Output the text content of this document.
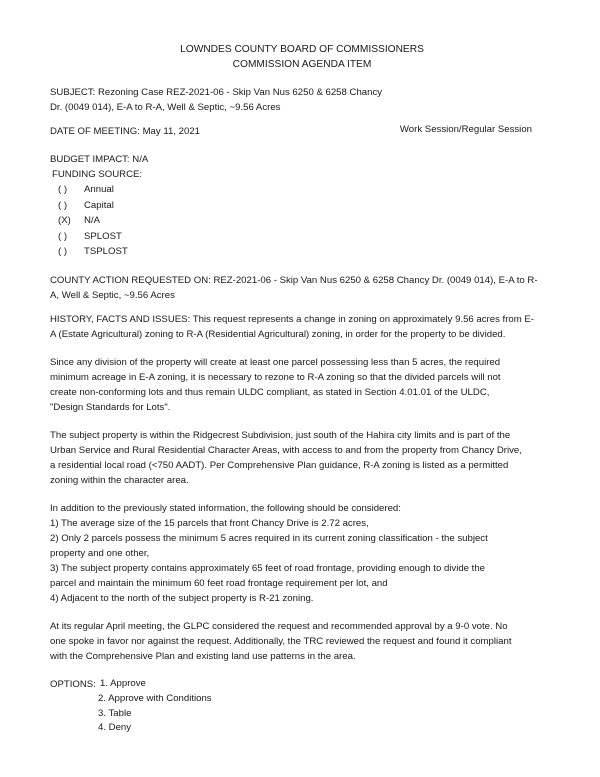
LOWNDES COUNTY BOARD OF COMMISSIONERS
COMMISSION AGENDA ITEM
SUBJECT: Rezoning Case REZ-2021-06 - Skip Van Nus 6250 & 6258 Chancy
Dr. (0049 014), E-A to R-A, Well & Septic, ~9.56 Acres
DATE OF MEETING: May 11, 2021	Work Session/Regular Session
BUDGET IMPACT: N/A
FUNDING SOURCE:
( )	Annual
( )	Capital
(X)	N/A
( )	SPLOST
( )	TSPLOST
COUNTY ACTION REQUESTED ON: REZ-2021-06 - Skip Van Nus 6250 & 6258 Chancy Dr. (0049 014), E-A to R-
A, Well & Septic, ~9.56 Acres

HISTORY, FACTS AND ISSUES: This request represents a change in zoning on approximately 9.56 acres from E-
A (Estate Agricultural) zoning to R-A (Residential Agricultural) zoning, in order for the property to be divided.

Since any division of the property will create at least one parcel possessing less than 5 acres, the required
minimum acreage in E-A zoning, it is necessary to rezone to R-A zoning so that the divided parcels will not
create non-conforming lots and thus remain ULDC compliant, as stated in Section 4.01.01 of the ULDC,
"Design Standards for Lots".

The subject property is within the Ridgecrest Subdivision, just south of the Hahira city limits and is part of the
Urban Service and Rural Residential Character Areas, with access to and from the property from Chancy Drive,
a residential local road (<750 AADT). Per Comprehensive Plan guidance, R-A zoning is listed as a permitted
zoning within the character area.

In addition to the previously stated information, the following should be considered:
1) The average size of the 15 parcels that front Chancy Drive is 2.72 acres,
2) Only 2 parcels possess the minimum 5 acres required in its current zoning classification - the subject
property and one other,
3) The subject property contains approximately 65 feet of road frontage, providing enough to divide the
parcel and maintain the minimum 60 feet road frontage requirement per lot, and
4) Adjacent to the north of the subject property is R-21 zoning.

At its regular April meeting, the GLPC considered the request and recommended approval by a 9-0 vote. No
one spoke in favor nor against the request. Additionally, the TRC reviewed the request and found it compliant
with the Comprehensive Plan and existing land use patterns in the area.

OPTIONS: 1. Approve
2. Approve with Conditions
3. Table
4. Deny
